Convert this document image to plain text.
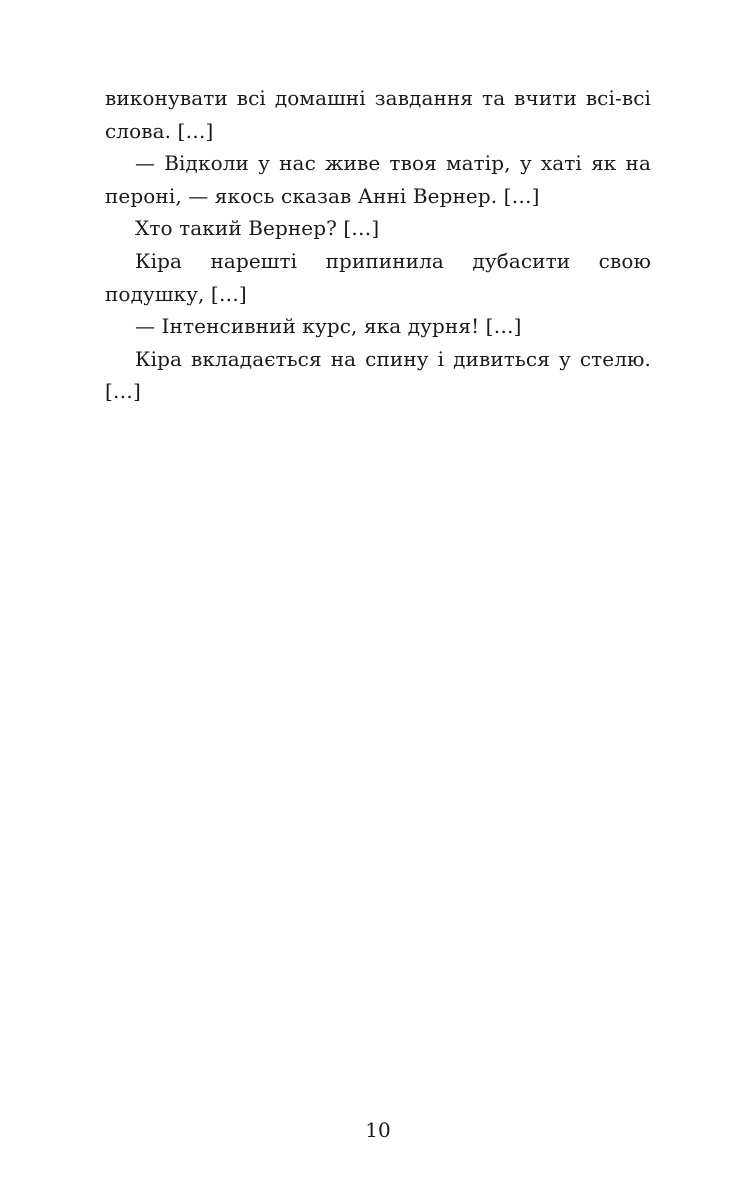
виконувати всі домашні завдання та вчити всі-всі слова. […]

— Відколи у нас живе твоя матір, у хаті як на пероні, — якось сказав Анні Вернер. […]

Хто такий Вернер? […]

Кіра нарешті припинила дубасити свою подушку, […]

— Інтенсивний курс, яка дурня! […]

Кіра вкладається на спину і дивиться у стелю. […]

10
